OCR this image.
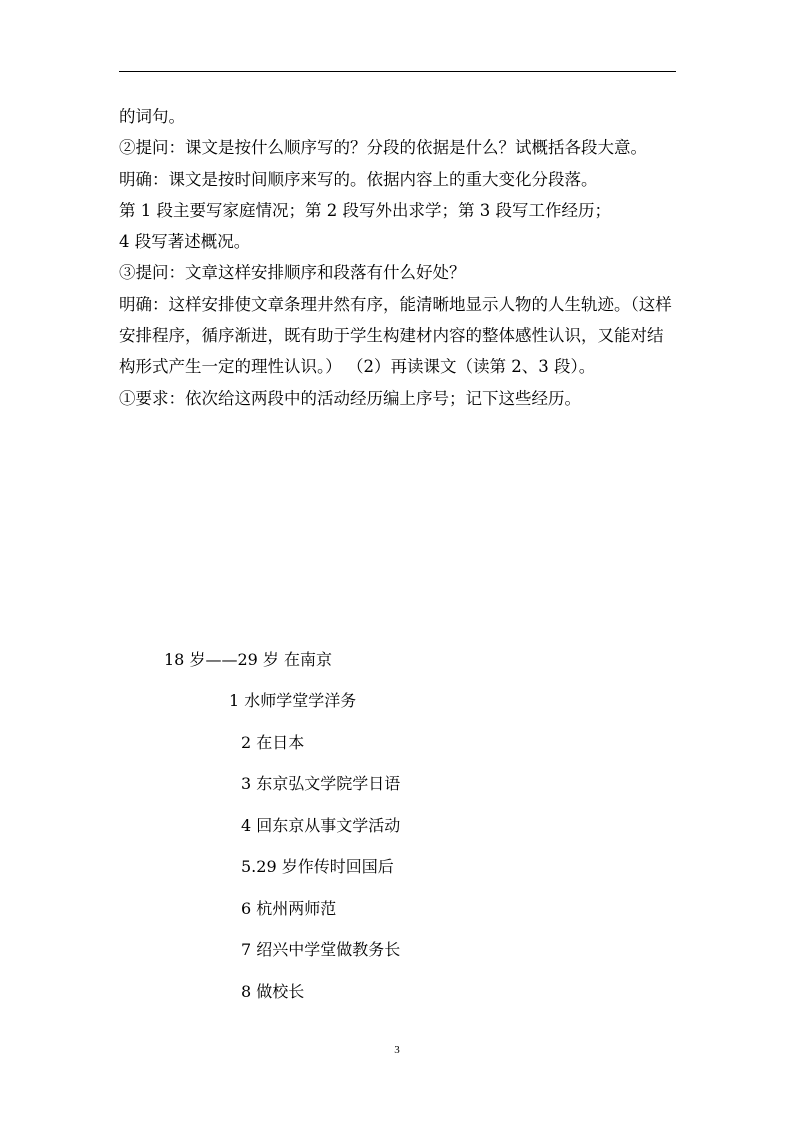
的词句。

②提问：课文是按什么顺序写的？分段的依据是什么？试概括各段大意。

明确：课文是按时间顺序来写的。依据内容上的重大变化分段落。

第 1 段主要写家庭情况；第 2 段写外出求学；第 3 段写工作经历；

4 段写著述概况。

③提问：文章这样安排顺序和段落有什么好处？

明确：这样安排使文章条理井然有序，能清晰地显示人物的人生轨迹。（这样安排程序，循序渐进，既有助于学生构建材内容的整体感性认识，又能对结构形式产生一定的理性认识。） （2）再读课文（读第 2、3 段）。

①要求：依次给这两段中的活动经历编上序号；记下这些经历。

18 岁——29 岁 在南京
1 水师学堂学洋务
2 在日本
3 东京弘文学院学日语
4 回东京从事文学活动
5.29 岁作传时回国后
6 杭州两师范
7 绍兴中学堂做教务长
8 做校长
3
